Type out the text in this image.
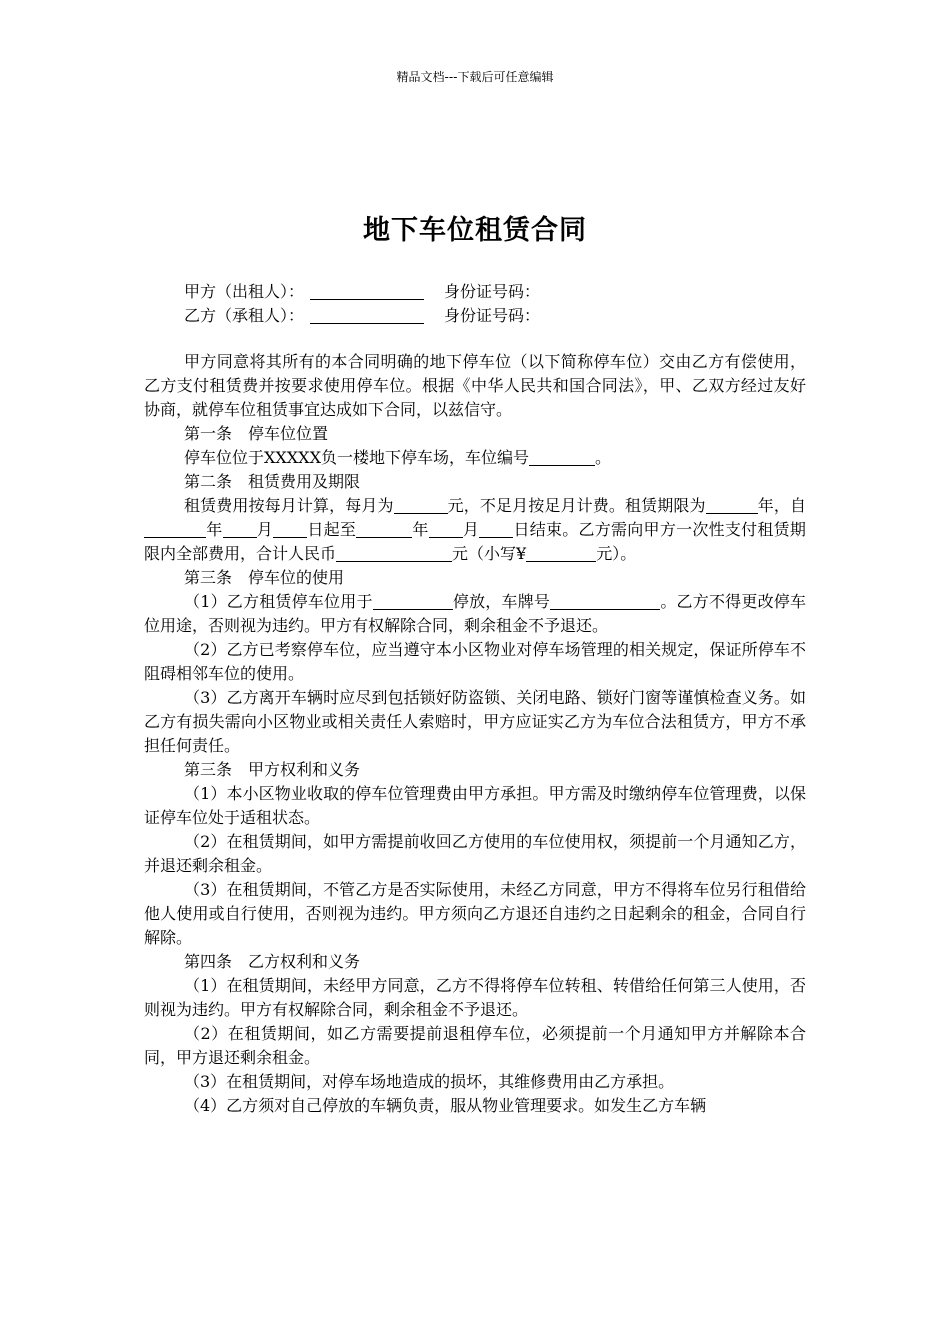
精品文档---下载后可任意编辑
地下车位租赁合同
甲方（出租人）：	身份证号码：
乙方（承租人）：	身份证号码：

甲方同意将其所有的本合同明确的地下停车位（以下简称停车位）交由乙方有偿使用，乙方支付租赁费并按要求使用停车位。根据《中华人民共和国合同法》，甲、乙双方经过友好协商，就停车位租赁事宜达成如下合同，以兹信守。

第一条　停车位位置

停车位位于XXXXX负一楼地下停车场，车位编号	。

第二条　租赁费用及期限

租赁费用按每月计算，每月为	元，不足月按足月计费。租赁期限为	年，自年 月 日起至	年 月 日结束。乙方需向甲方一次性支付租赁期限内全部费用，合计人民币	元（小写¥	元）。

第三条　停车位的使用

（1）乙方租赁停车位用于	停放，车牌号	。乙方不得更改停车位用途，否则视为违约。甲方有权解除合同，剩余租金不予退还。

（2）乙方已考察停车位，应当遵守本小区物业对停车场管理的相关规定，保证所停车不阻碍相邻车位的使用。

（3）乙方离开车辆时应尽到包括锁好防盗锁、关闭电路、锁好门窗等谨慎检查义务。如乙方有损失需向小区物业或相关责任人索赔时，甲方应证实乙方为车位合法租赁方，甲方不承担任何责任。

第三条　甲方权利和义务

（1）本小区物业收取的停车位管理费由甲方承担。甲方需及时缴纳停车位管理费，以保证停车位处于适租状态。

（2）在租赁期间，如甲方需提前收回乙方使用的车位使用权，须提前一个月通知乙方，并退还剩余租金。

（3）在租赁期间，不管乙方是否实际使用，未经乙方同意，甲方不得将车位另行租借给他人使用或自行使用，否则视为违约。甲方须向乙方退还自违约之日起剩余的租金，合同自行解除。

第四条　乙方权利和义务

（1）在租赁期间，未经甲方同意，乙方不得将停车位转租、转借给任何第三人使用，否则视为违约。甲方有权解除合同，剩余租金不予退还。

（2）在租赁期间，如乙方需要提前退租停车位，必须提前一个月通知甲方并解除本合同，甲方退还剩余租金。

（3）在租赁期间，对停车场地造成的损坏，其维修费用由乙方承担。

（4）乙方须对自己停放的车辆负责，服从物业管理要求。如发生乙方车辆
